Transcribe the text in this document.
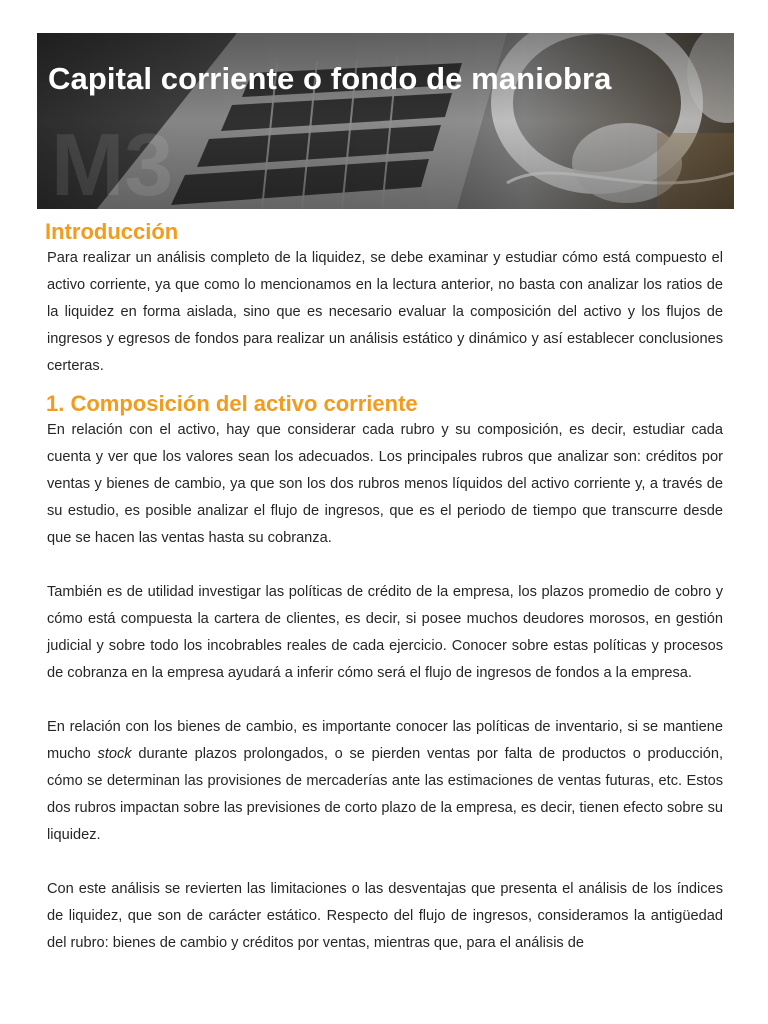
M3
Capital corriente o fondo de maniobra
Introducción

Para realizar un análisis completo de la liquidez, se debe examinar y estudiar cómo está compuesto el activo corriente, ya que como lo mencionamos en la lectura anterior, no basta con analizar los ratios de la liquidez en forma aislada, sino que es necesario evaluar la composición del activo y los flujos de ingresos y egresos de fondos para realizar un análisis estático y dinámico y así establecer conclusiones certeras.

1. Composición del activo corriente

En relación con el activo, hay que considerar cada rubro y su composición, es decir, estudiar cada cuenta y ver que los valores sean los adecuados. Los principales rubros que analizar son: créditos por ventas y bienes de cambio, ya que son los dos rubros menos líquidos del activo corriente y, a través de su estudio, es posible analizar el flujo de ingresos, que es el periodo de tiempo que transcurre desde que se hacen las ventas hasta su cobranza.

También es de utilidad investigar las políticas de crédito de la empresa, los plazos promedio de cobro y cómo está compuesta la cartera de clientes, es decir, si posee muchos deudores morosos, en gestión judicial y sobre todo los incobrables reales de cada ejercicio. Conocer sobre estas políticas y procesos de cobranza en la empresa ayudará a inferir cómo será el flujo de ingresos de fondos a la empresa.

En relación con los bienes de cambio, es importante conocer las políticas de inventario, si se mantiene mucho stock durante plazos prolongados, o se pierden ventas por falta de productos o producción, cómo se determinan las provisiones de mercaderías ante las estimaciones de ventas futuras, etc. Estos dos rubros impactan sobre las previsiones de corto plazo de la empresa, es decir, tienen efecto sobre su liquidez.

Con este análisis se revierten las limitaciones o las desventajas que presenta el análisis de los índices de liquidez, que son de carácter estático. Respecto del flujo de ingresos, consideramos la antigüedad del rubro: bienes de cambio y créditos por ventas, mientras que, para el análisis de
